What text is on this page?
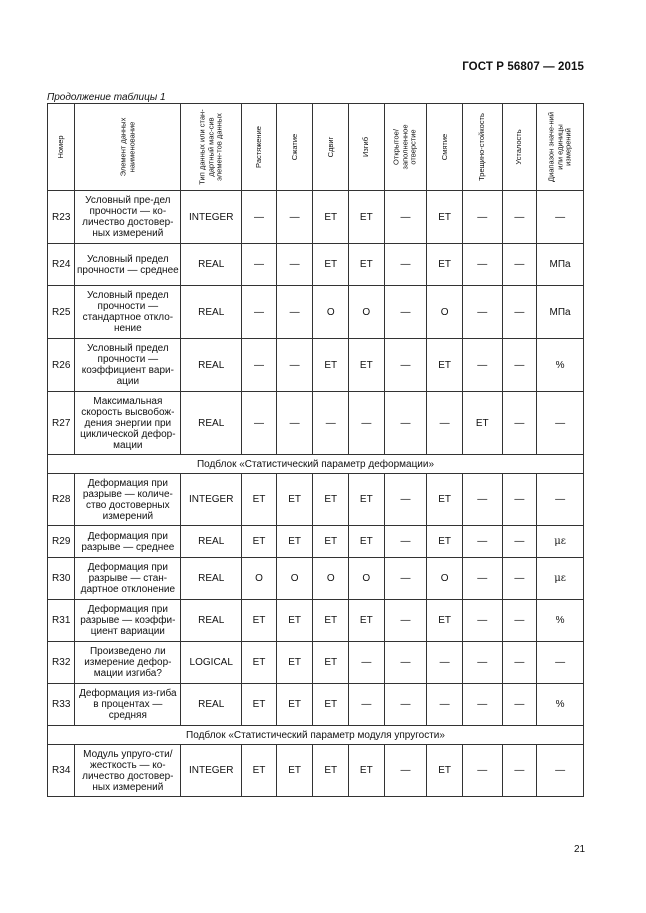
ГОСТ Р 56807 — 2015
Продолжение таблицы 1
Номер	Элемент данных наименование	Тип данных или стан-дартный мас-сив элемен-тов данных	Растяжение	Сжатие	Сдвиг	Изгиб	Открытое/ заполненное отверстие	Смятие	Трещино-стойкость	Усталость	Диапазон значе-ний или единицы измерений

R23	Условный пре-дел прочности — ко-личество достовер-ных измерений	INTEGER	—	—	ET	ET	—	ET	—	—	—
R24	Условный предел прочности — среднее	REAL	—	—	ET	ET	—	ET	—	—	МПа
R25	Условный предел прочности — стандартное откло-нение	REAL	—	—	O	O	—	O	—	—	МПа
R26	Условный предел прочности — коэффициент вари-ации	REAL	—	—	ET	ET	—	ET	—	—	%
R27	Максимальная скорость высвобож-дения энергии при циклической дефор-мации	REAL	—	—	—	—	—	—	ET	—	—
Подблок «Статистический параметр деформации»											
R28	Деформация при разрыве — количе-ство достоверных измерений	INTEGER	ET	ET	ET	ET	—	ET	—	—	—
R29	Деформация при разрыве — среднее	REAL	ET	ET	ET	ET	—	ET	—	—	με
R30	Деформация при разрыве — стан-дартное отклонение	REAL	O	O	O	O	—	O	—	—	με
R31	Деформация при разрыве — коэффи-циент вариации	REAL	ET	ET	ET	ET	—	ET	—	—	%
R32	Произведено ли измерение дефор-мации изгиба?	LOGICAL	ET	ET	ET	—	—	—	—	—	—
R33	Деформация из-гиба в процентах — средняя	REAL	ET	ET	ET	—	—	—	—	—	%
Подблок «Статистический параметр модуля упругости»											
R34	Модуль упруго-сти/жесткость — ко-личество достовер-ных измерений	INTEGER	ET	ET	ET	ET	—	ET	—	—	—
21
